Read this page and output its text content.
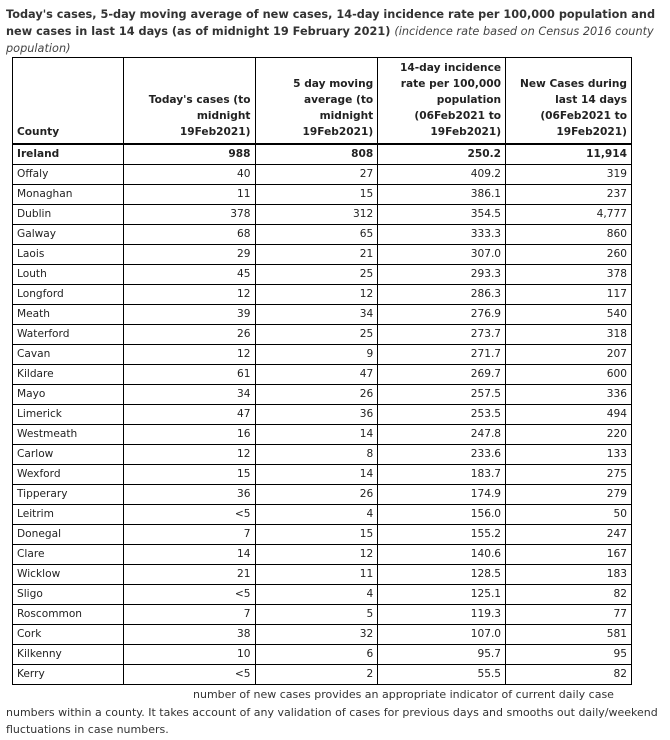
Today's cases, 5-day moving average of new cases, 14-day incidence rate per 100,000 population and new cases in last 14 days (as of midnight 19 February 2021) (incidence rate based on Census 2016 county population)
County	Today's cases (to
midnight
19Feb2021)	5 day moving
average (to
midnight
19Feb2021)	14-day incidence
rate per 100,000
population
(06Feb2021 to
19Feb2021)	New Cases during
last 14 days
(06Feb2021 to
19Feb2021)
Ireland	988	808	250.2	11,914
Offaly	40	27	409.2	319
Monaghan	11	15	386.1	237
Dublin	378	312	354.5	4,777
Galway	68	65	333.3	860
Laois	29	21	307.0	260
Louth	45	25	293.3	378
Longford	12	12	286.3	117
Meath	39	34	276.9	540
Waterford	26	25	273.7	318
Cavan	12	9	271.7	207
Kildare	61	47	269.7	600
Mayo	34	26	257.5	336
Limerick	47	36	253.5	494
Westmeath	16	14	247.8	220
Carlow	12	8	233.6	133
Wexford	15	14	183.7	275
Tipperary	36	26	174.9	279
Leitrim	<5	4	156.0	50
Donegal	7	15	155.2	247
Clare	14	12	140.6	167
Wicklow	21	11	128.5	183
Sligo	<5	4	125.1	82
Roscommon	7	5	119.3	77
Cork	38	32	107.0	581
Kilkenny	10	6	95.7	95
Kerry	<5	2	55.5	82
number of new cases provides an appropriate indicator of current daily case numbers within a county. It takes account of any validation of cases for previous days and smooths out daily/weekend fluctuations in case numbers.
